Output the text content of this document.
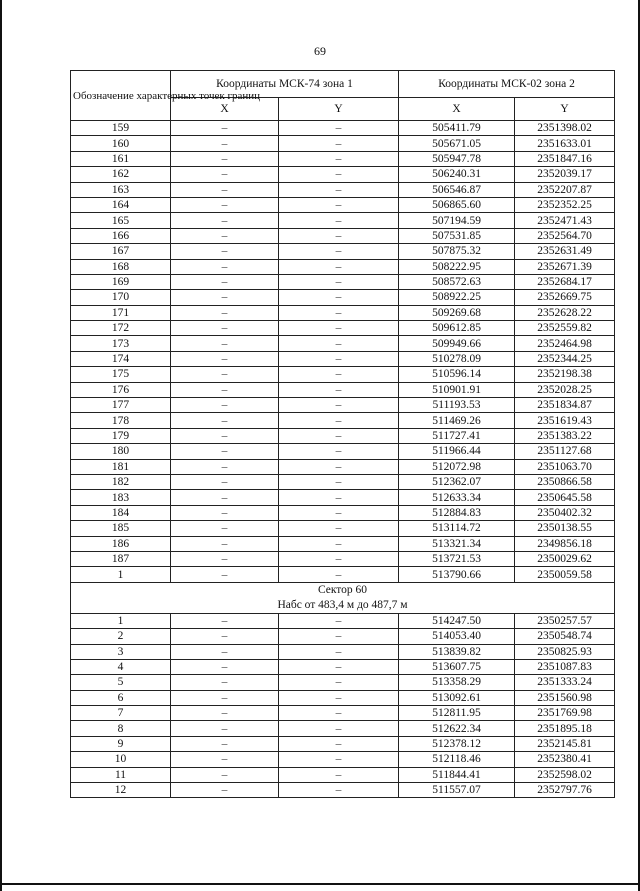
69
Обозначение характерных точек границ	Координаты МСК-74 зона 1		Координаты МСК-02 зона 2	
	X	Y	X	Y
159	–	–	505411.79	2351398.02
160	–	–	505671.05	2351633.01
161	–	–	505947.78	2351847.16
162	–	–	506240.31	2352039.17
163	–	–	506546.87	2352207.87
164	–	–	506865.60	2352352.25
165	–	–	507194.59	2352471.43
166	–	–	507531.85	2352564.70
167	–	–	507875.32	2352631.49
168	–	–	508222.95	2352671.39
169	–	–	508572.63	2352684.17
170	–	–	508922.25	2352669.75
171	–	–	509269.68	2352628.22
172	–	–	509612.85	2352559.82
173	–	–	509949.66	2352464.98
174	–	–	510278.09	2352344.25
175	–	–	510596.14	2352198.38
176	–	–	510901.91	2352028.25
177	–	–	511193.53	2351834.87
178	–	–	511469.26	2351619.43
179	–	–	511727.41	2351383.22
180	–	–	511966.44	2351127.68
181	–	–	512072.98	2351063.70
182	–	–	512362.07	2350866.58
183	–	–	512633.34	2350645.58
184	–	–	512884.83	2350402.32
185	–	–	513114.72	2350138.55
186	–	–	513321.34	2349856.18
187	–	–	513721.53	2350029.62
1	–	–	513790.66	2350059.58

Сектор 60
Набс от 483,4 м до 487,7 м				

1	–	–	514247.50	2350257.57
2	–	–	514053.40	2350548.74
3	–	–	513839.82	2350825.93
4	–	–	513607.75	2351087.83
5	–	–	513358.29	2351333.24
6	–	–	513092.61	2351560.98
7	–	–	512811.95	2351769.98
8	–	–	512622.34	2351895.18
9	–	–	512378.12	2352145.81
10	–	–	512118.46	2352380.41
11	–	–	511844.41	2352598.02
12	–	–	511557.07	2352797.76
